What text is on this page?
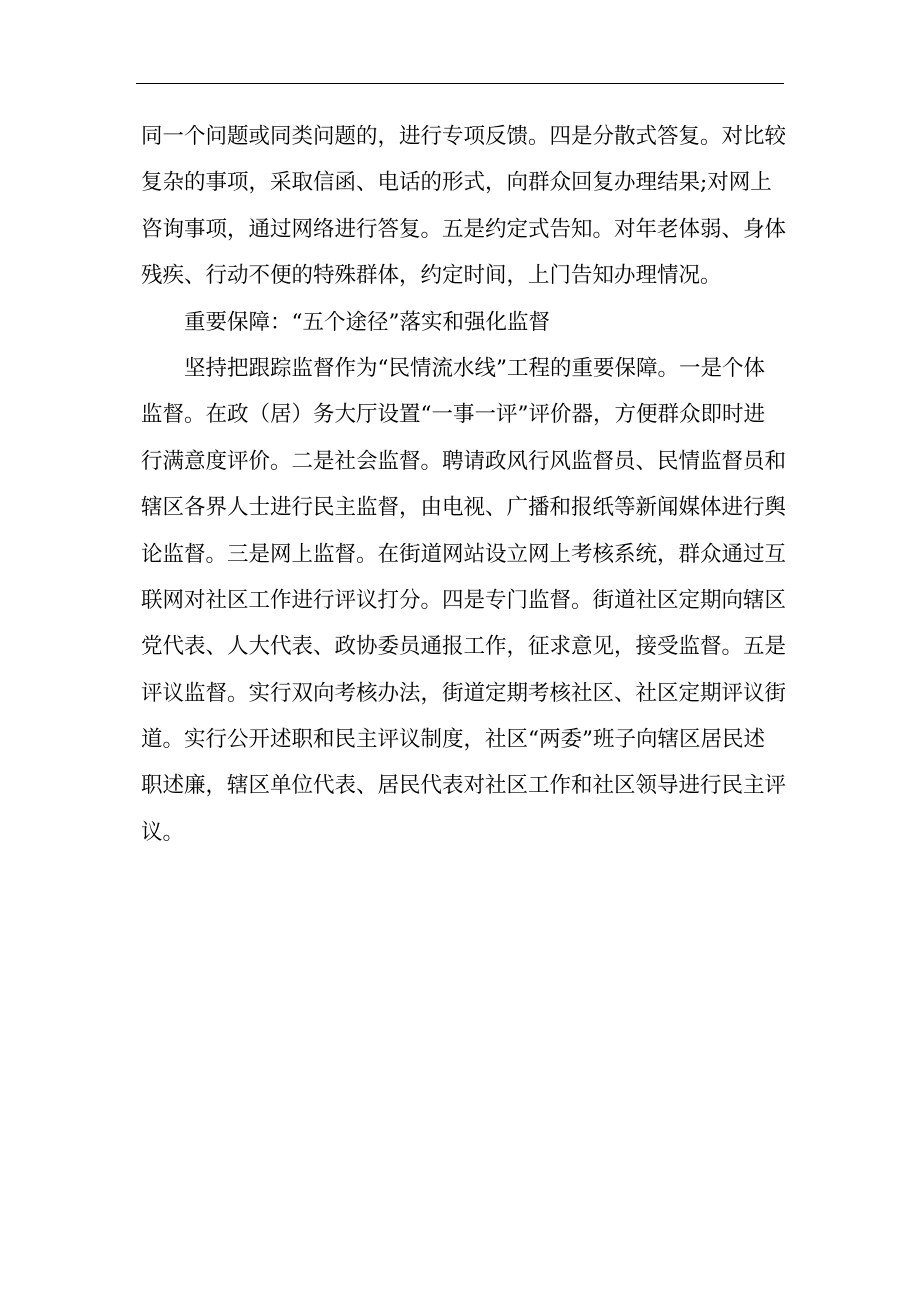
同一个问题或同类问题的，进行专项反馈。四是分散式答复。对比较
复杂的事项，采取信函、电话的形式，向群众回复办理结果;对网上
咨询事项，通过网络进行答复。五是约定式告知。对年老体弱、身体
残疾、行动不便的特殊群体，约定时间，上门告知办理情况。
重要保障：“五个途径”落实和强化监督
坚持把跟踪监督作为“民情流水线”工程的重要保障。一是个体
监督。在政（居）务大厅设置“一事一评”评价器，方便群众即时进
行满意度评价。二是社会监督。聘请政风行风监督员、民情监督员和
辖区各界人士进行民主监督，由电视、广播和报纸等新闻媒体进行舆
论监督。三是网上监督。在街道网站设立网上考核系统，群众通过互
联网对社区工作进行评议打分。四是专门监督。街道社区定期向辖区
党代表、人大代表、政协委员通报工作，征求意见，接受监督。五是
评议监督。实行双向考核办法，街道定期考核社区、社区定期评议街
道。实行公开述职和民主评议制度，社区“两委”班子向辖区居民述
职述廉，辖区单位代表、居民代表对社区工作和社区领导进行民主评
议。
